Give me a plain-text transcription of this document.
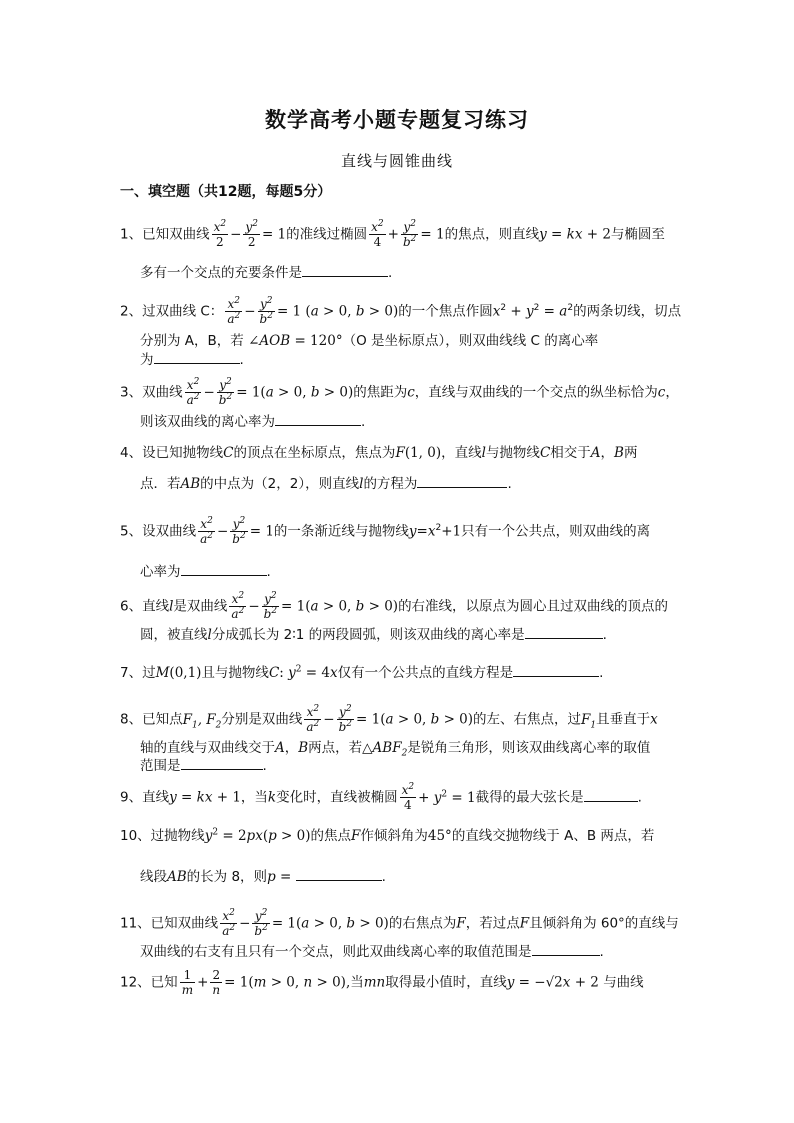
数学高考小题专题复习练习
直线与圆锥曲线
一、填空题（共12题，每题5分）
1、已知双曲线 $\frac{x^2}{2} - \frac{y^2}{2} = 1$的准线过椭圆 $\frac{x^2}{4} + \frac{y^2}{b^2} = 1$的焦点，则直线y = kx + 2与椭圆至
多有一个交点的充要条件是	.
2、过双曲线 C： $\frac{x^2}{a^2} - \frac{y^2}{b^2} = 1$ (a > 0, b > 0)的一个焦点作圆$x^2 + y^2 = a^2$的两条切线，切点
分别为 A，B，若 ∠AOB = 120°（O 是坐标原点），则双曲线线 C 的离心率
为	.
3、双曲线 $\frac{x^2}{a^2} - \frac{y^2}{b^2} = 1(a > 0$, b > 0)的焦距为c，直线与双曲线的一个交点的纵坐标恰为c，
则该双曲线的离心率为	.
4、设已知抛物线C的顶点在坐标原点，焦点为F(1, 0)，直线l与抛物线C相交于A，B两
点．若AB的中点为（2，2），则直线l的方程为	.
5、设双曲线 $\frac{x^2}{a^2} - \frac{y^2}{b^2} = 1$的一条渐近线与抛物线$y=x^2+1$只有一个公共点，则双曲线的离
心率为	.
6、直线l是双曲线 $\frac{x^2}{a^2} - \frac{y^2}{b^2} = 1(a > 0$, b > 0)的右准线，以原点为圆心且过双曲线的顶点的
圆，被直线l分成弧长为 2∶1 的两段圆弧，则该双曲线的离心率是	.
7、过M(0,1)且与抛物线C: $y^2 = 4x$仅有一个公共点的直线方程是	.
8、已知点$F_1$, $F_2$分别是双曲线 $\frac{x^2}{a^2} - \frac{y^2}{b^2} = 1(a > 0$, b > 0)的左、右焦点，过$F_1$且垂直于x
轴的直线与双曲线交于A，B两点，若$\triangle ABF_2$是锐角三角形，则该双曲线离心率的取值
范围是	.
9、直线y = kx + 1，当k变化时，直线被椭圆 $\frac{x^2}{4} + y^2 = 1$截得的最大弦长是	.
10、过抛物线$y^2 = 2px(p > 0)$的焦点F作倾斜角为45°的直线交抛物线于 A、B 两点，若
线段AB的长为 8，则p =	.
11、已知双曲线 $\frac{x^2}{a^2} - \frac{y^2}{b^2} = 1(a > 0$, b > 0)的右焦点为F，若过点F且倾斜角为 60°的直线与
双曲线的右支有且只有一个交点，则此双曲线离心率的取值范围是	.
12、已知 $\frac{1}{m} + \frac{2}{n} = 1(m > 0$, n > 0),当mn取得最小值时，直线y = −√2x + 2 与曲线
